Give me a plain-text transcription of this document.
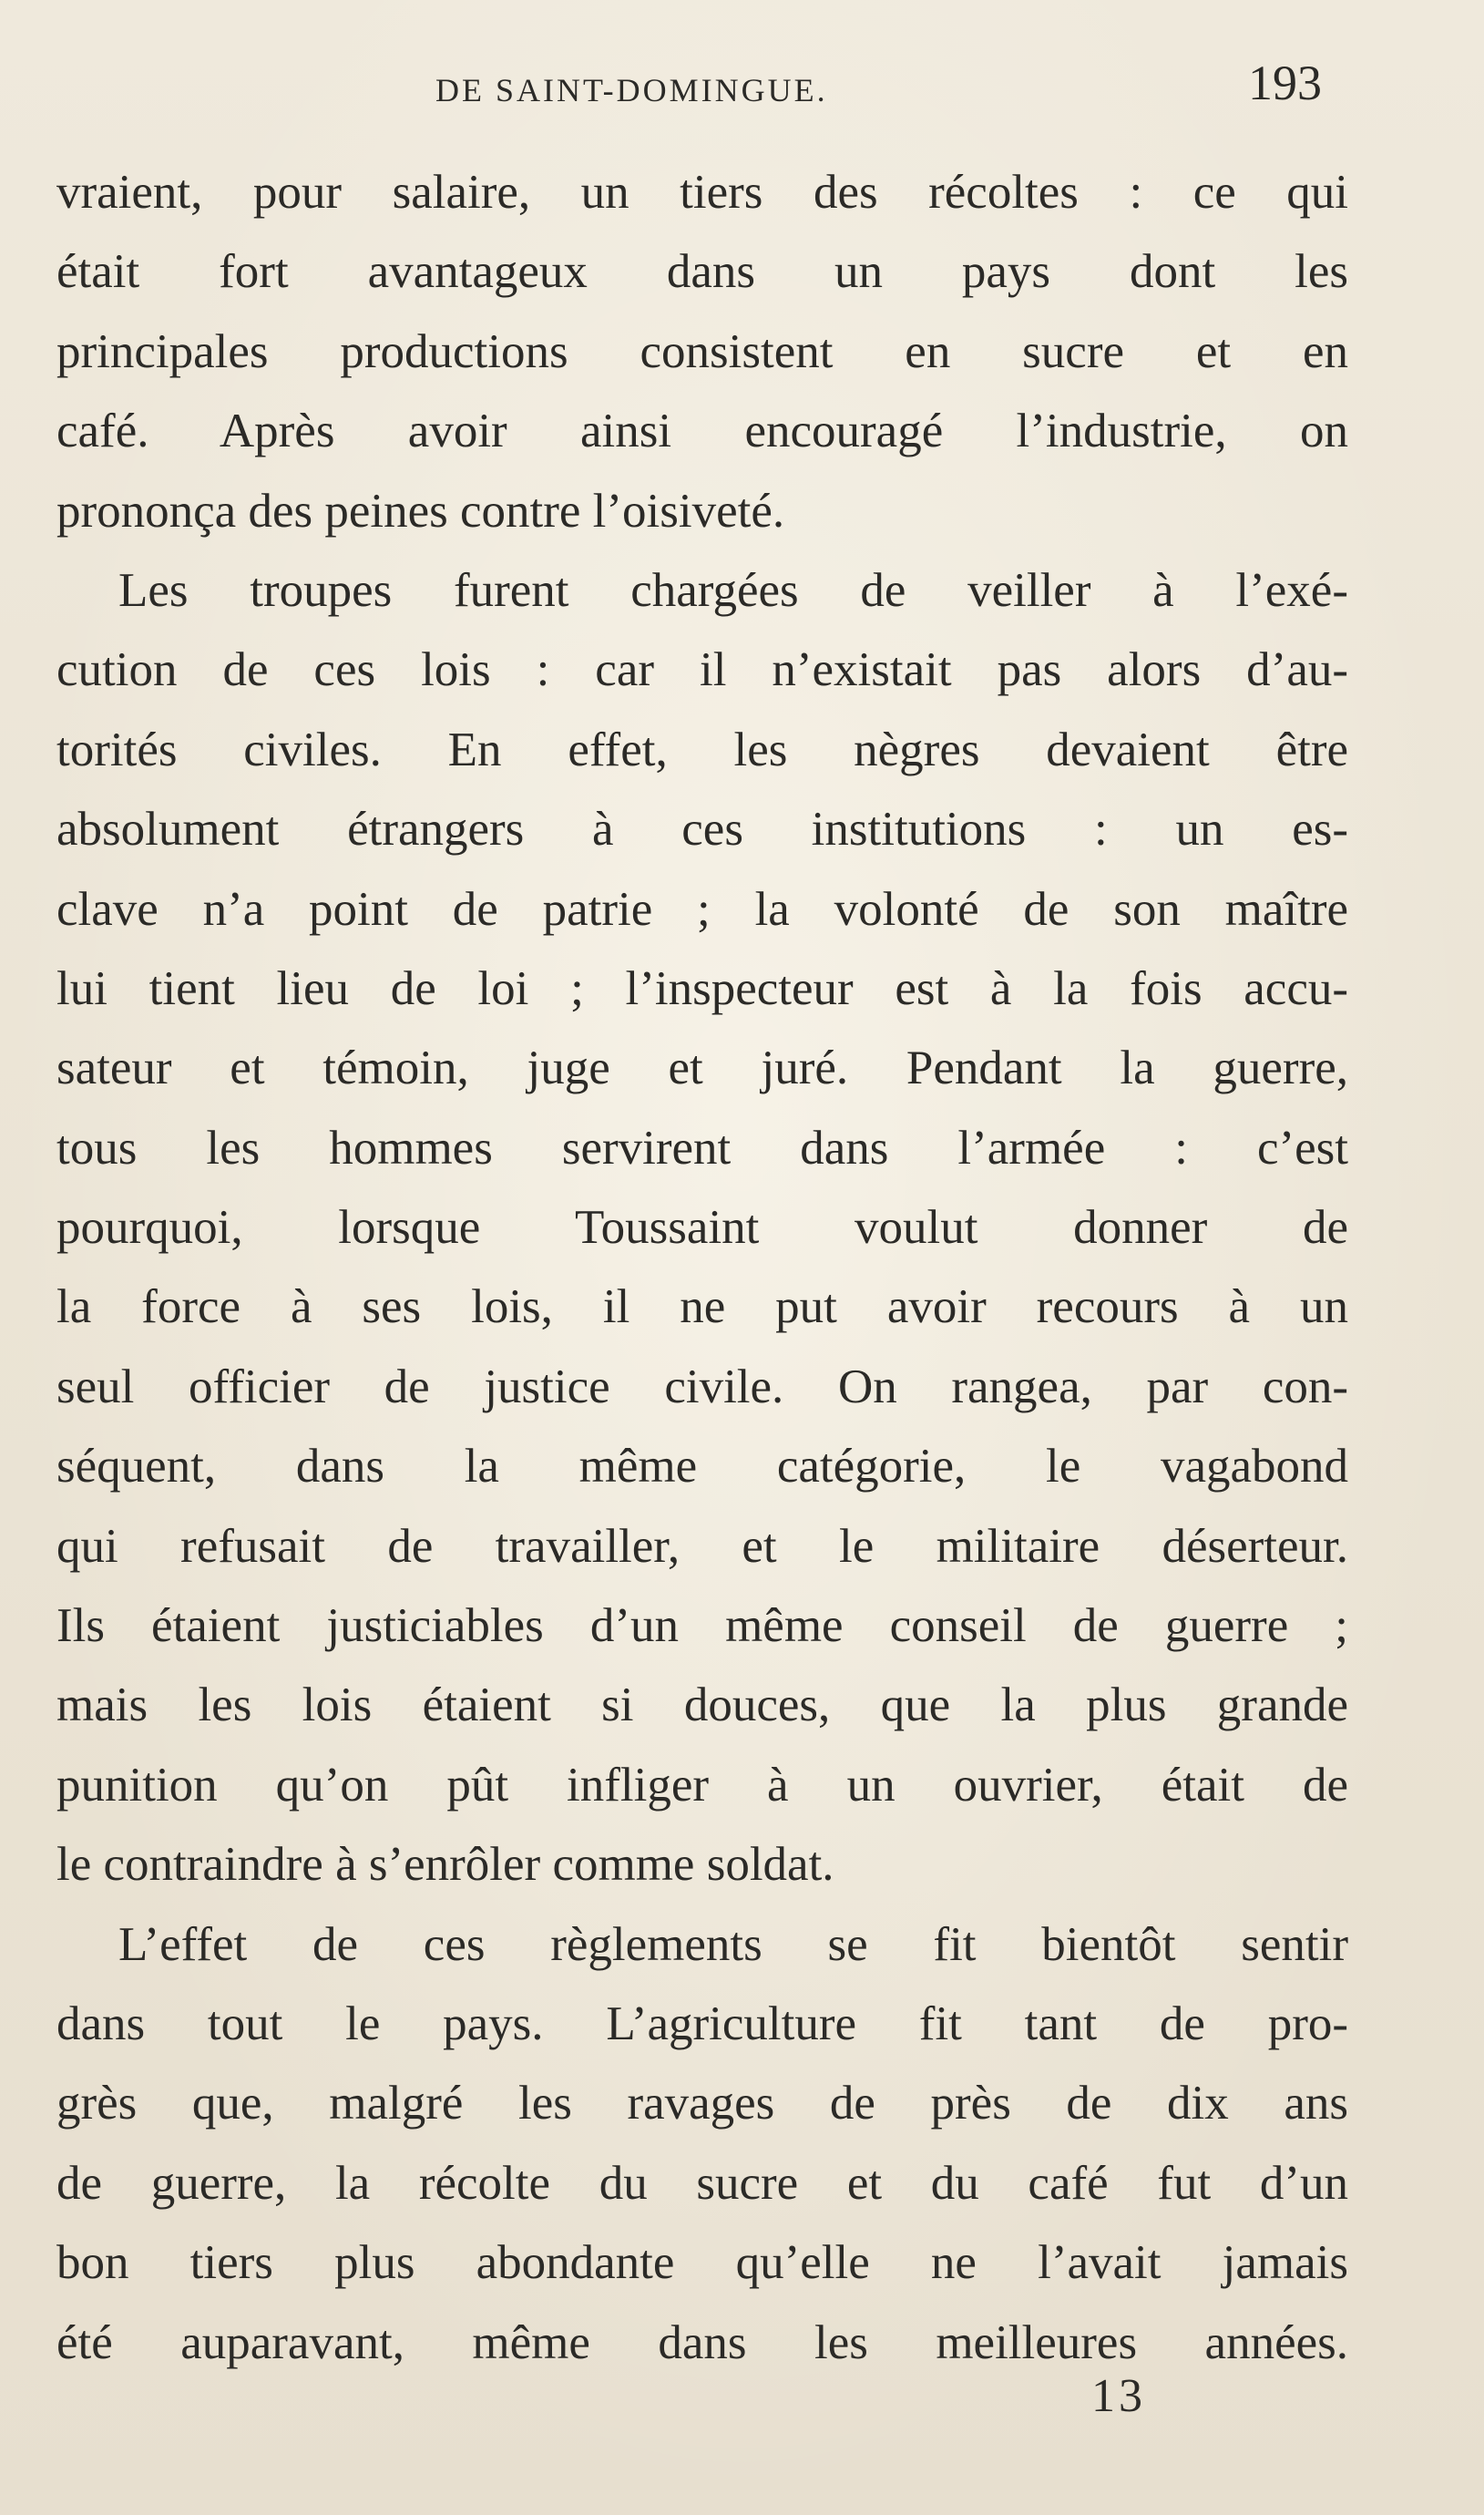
DE SAINT-DOMINGUE.	193
vraient, pour salaire, un tiers des récoltes : ce qui
était fort avantageux dans un pays dont les
principales productions consistent en sucre et en
café. Après avoir ainsi encouragé l’industrie, on
prononça des peines contre l’oisiveté.
Les troupes furent chargées de veiller à l’exé-
cution de ces lois : car il n’existait pas alors d’au-
torités civiles. En effet, les nègres devaient être
absolument étrangers à ces institutions : un es-
clave n’a point de patrie ; la volonté de son maître
lui tient lieu de loi ; l’inspecteur est à la fois accu-
sateur et témoin, juge et juré. Pendant la guerre,
tous les hommes servirent dans l’armée : c’est
pourquoi, lorsque Toussaint voulut donner de
la force à ses lois, il ne put avoir recours à un
seul officier de justice civile. On rangea, par con-
séquent, dans la même catégorie, le vagabond
qui refusait de travailler, et le militaire déserteur.
Ils étaient justiciables d’un même conseil de guerre ;
mais les lois étaient si douces, que la plus grande
punition qu’on pût infliger à un ouvrier, était de
le contraindre à s’enrôler comme soldat.
L’effet de ces règlements se fit bientôt sentir
dans tout le pays. L’agriculture fit tant de pro-
grès que, malgré les ravages de près de dix ans
de guerre, la récolte du sucre et du café fut d’un
bon tiers plus abondante qu’elle ne l’avait jamais
été auparavant, même dans les meilleures années.
13
